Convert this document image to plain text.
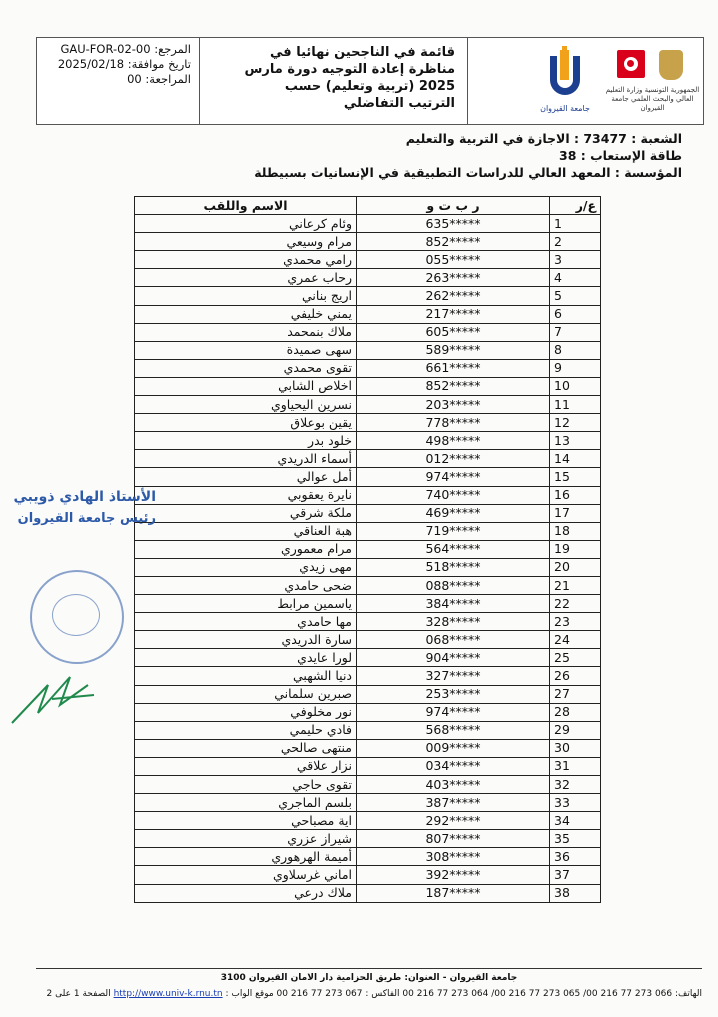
المرجع: GAU-FOR-02-00
تاريخ موافقة: 2025/02/18
المراجعة: 00
قائمة في الناجحين نهائيا في مناظرة إعادة التوجيه دورة مارس 2025 (تربية وتعليم) حسب الترتيب التفاضلي	جامعة القيروان
الجمهورية التونسية وزارة التعليم العالي والبحث العلمي جامعة القيروان
الشعبة : 73477 : الاجازة في التربية والتعليم
طاقة الإستعاب : 38
المؤسسة : المعهد العالي للدراسات التطبيقية في الإنسانيات بسبيطلة
الاسم واللقب	ر ب ت و	ع/ر
وئام كرعاني	635*****	1
مرام وسيعي	852*****	2
رامي محمدي	055*****	3
رحاب عمري	263*****	4
اريج بناني	262*****	5
يمني خليفي	217*****	6
ملاك بنمحمد	605*****	7
سهى صميدة	589*****	8
تقوى محمدي	661*****	9
اخلاص الشابي	852*****	10
نسرين اليحياوي	203*****	11
يقين بوعلاق	778*****	12
خلود بدر	498*****	13
أسماء الدريدي	012*****	14
أمل عوالي	974*****	15
نايرة يعقوبي	740*****	16
ملكة شرقي	469*****	17
هبة العناقي	719*****	18
مرام معموري	564*****	19
مهى زيدي	518*****	20
ضحى حامدي	088*****	21
ياسمين مرابط	384*****	22
مها حامدي	328*****	23
سارة الدريدي	068*****	24
لورا عايدي	904*****	25
دنيا الشهبي	327*****	26
صبرين سلماني	253*****	27
نور مخلوفي	974*****	28
فادي حليمي	568*****	29
منتهى صالحي	009*****	30
نزار علاقي	034*****	31
تقوى حاجي	403*****	32
بلسم الماجري	387*****	33
اية مصباحي	292*****	34
شيراز عزري	807*****	35
أميمة الهرهوري	308*****	36
اماني غرسلاوي	392*****	37
ملاك درعي	187*****	38
الأستاذ الهادي ذويبي
رئيس جامعة القيروان
جامعة القيروان - العنوان: طريق الحزامية دار الامان القيروان 3100
الهاتف: 066 273 77 216 00/ 065 273 77 216 00/ 064 273 77 216 00 الفاكس : 067 273 77 216 00 موقع الواب : http://www.univ-k.rnu.tn الصفحة 1 على 2
